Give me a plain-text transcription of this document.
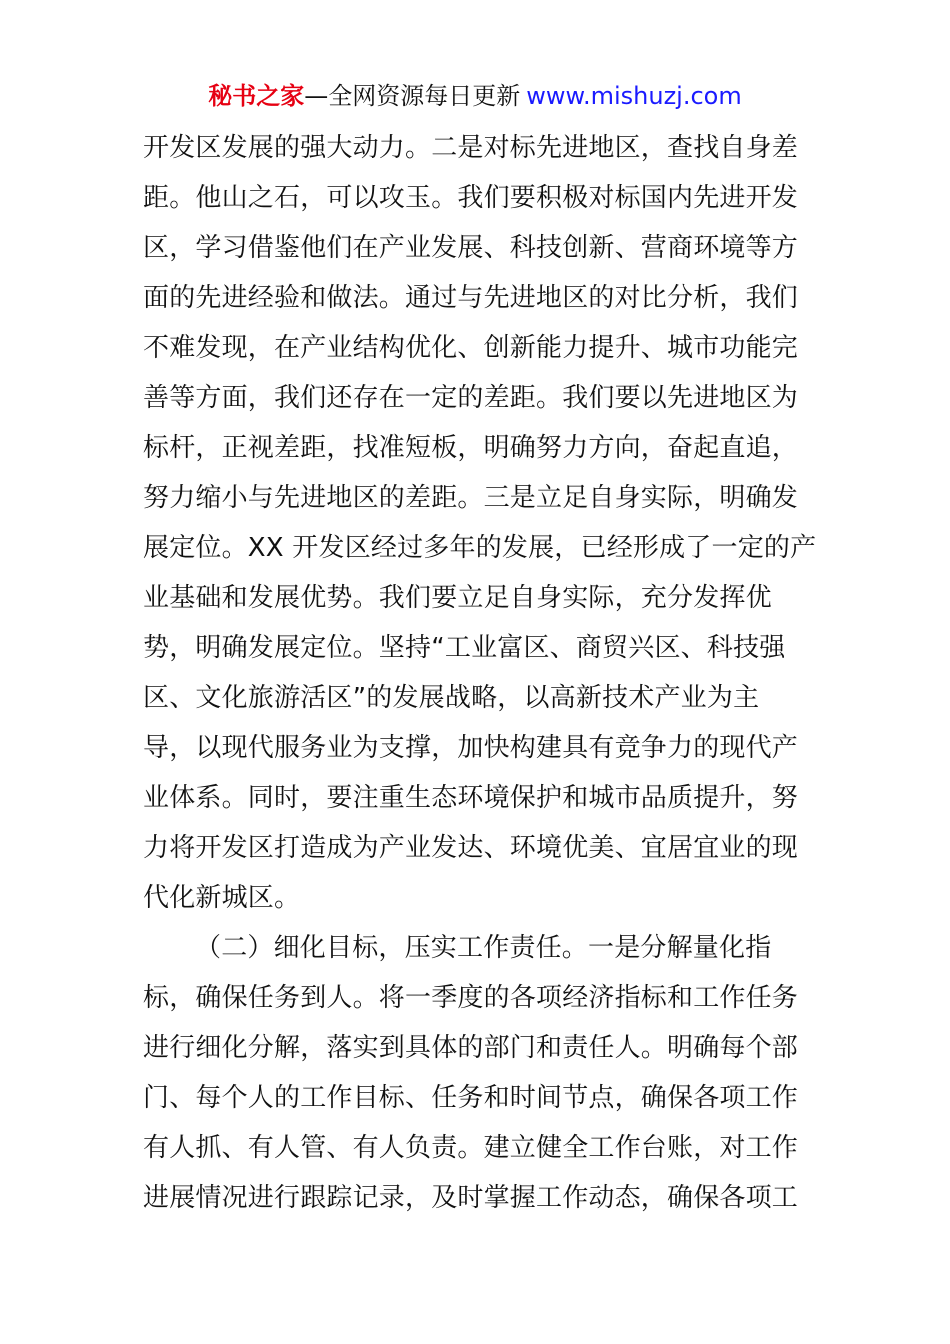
秘书之家—全网资源每日更新 www.mishuzj.com
开发区发展的强大动力。二是对标先进地区，查找自身差
距。他山之石，可以攻玉。我们要积极对标国内先进开发
区，学习借鉴他们在产业发展、科技创新、营商环境等方
面的先进经验和做法。通过与先进地区的对比分析，我们
不难发现，在产业结构优化、创新能力提升、城市功能完
善等方面，我们还存在一定的差距。我们要以先进地区为
标杆，正视差距，找准短板，明确努力方向，奋起直追，
努力缩小与先进地区的差距。三是立足自身实际，明确发
展定位。XX 开发区经过多年的发展，已经形成了一定的产
业基础和发展优势。我们要立足自身实际，充分发挥优
势，明确发展定位。坚持“工业富区、商贸兴区、科技强
区、文化旅游活区”的发展战略，以高新技术产业为主
导，以现代服务业为支撑，加快构建具有竞争力的现代产
业体系。同时，要注重生态环境保护和城市品质提升，努
力将开发区打造成为产业发达、环境优美、宜居宜业的现
代化新城区。
（二）细化目标，压实工作责任。一是分解量化指
标，确保任务到人。将一季度的各项经济指标和工作任务
进行细化分解，落实到具体的部门和责任人。明确每个部
门、每个人的工作目标、任务和时间节点，确保各项工作
有人抓、有人管、有人负责。建立健全工作台账，对工作
进展情况进行跟踪记录，及时掌握工作动态，确保各项工
